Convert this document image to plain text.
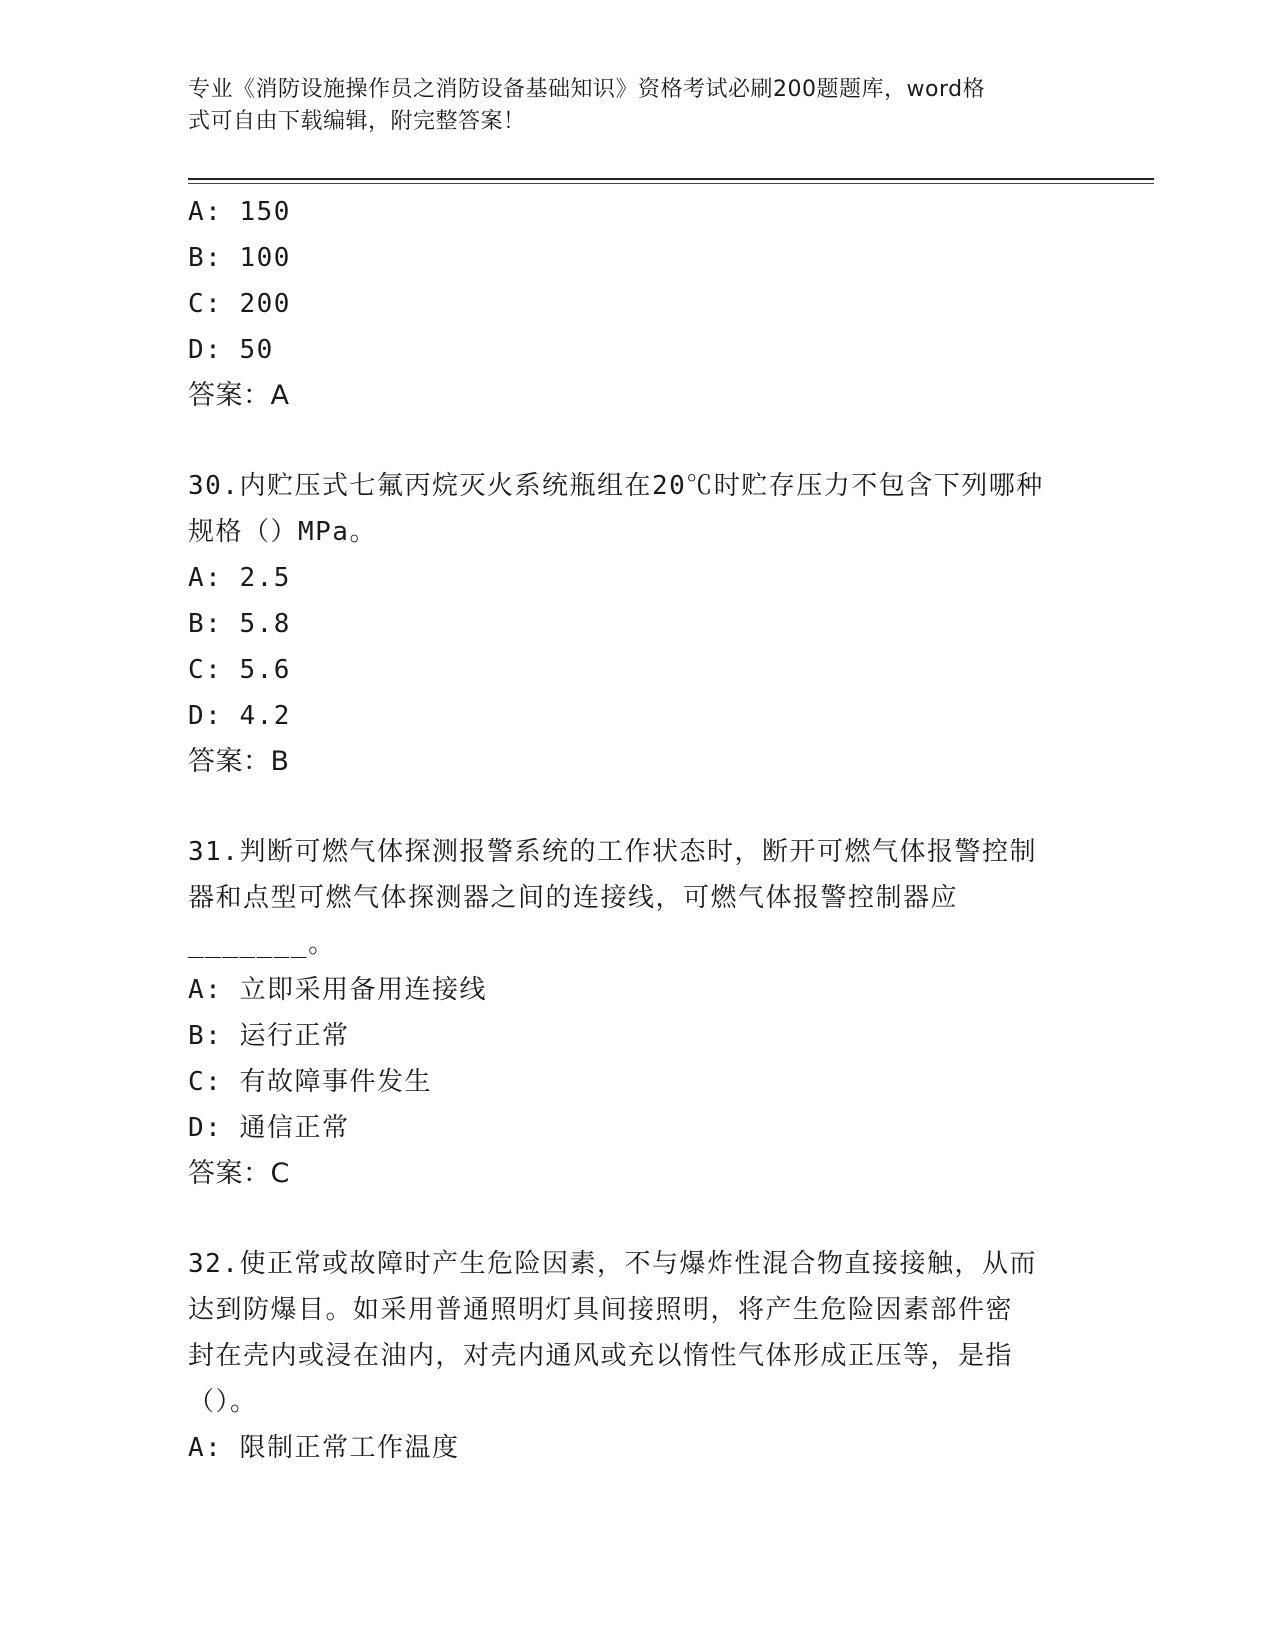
专业《消防设施操作员之消防设备基础知识》资格考试必刷200题题库，word格
式可自由下载编辑，附完整答案！
A: 150
B: 100
C: 200
D: 50
答案：A
30.内贮压式七氟丙烷灭火系统瓶组在20℃时贮存压力不包含下列哪种
规格（）MPa。
A: 2.5
B: 5.8
C: 5.6
D: 4.2
答案：B
31.判断可燃气体探测报警系统的工作状态时，断开可燃气体报警控制
器和点型可燃气体探测器之间的连接线，可燃气体报警控制器应
_______。
A: 立即采用备用连接线
B: 运行正常
C: 有故障事件发生
D: 通信正常
答案：C
32.使正常或故障时产生危险因素，不与爆炸性混合物直接接触，从而
达到防爆目。如采用普通照明灯具间接照明，将产生危险因素部件密
封在壳内或浸在油内，对壳内通风或充以惰性气体形成正压等，是指
（）。
A: 限制正常工作温度
